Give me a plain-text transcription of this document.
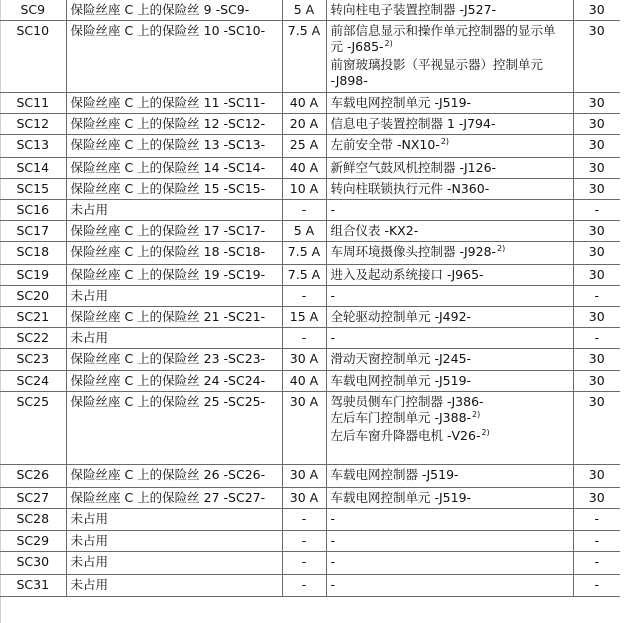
SC9	保险丝座 C 上的保险丝 9 -SC9-	5 A	转向柱电子装置控制器 -J527-	30	
SC10	保险丝座 C 上的保险丝 10 -SC10-	7.5 A	前部信息显示和操作单元控制器的显示单
元 -J685-$^{2)}$
前窗玻璃投影（平视显示器）控制单元
-J898-	30	
SC11	保险丝座 C 上的保险丝 11 -SC11-	40 A	车载电网控制单元 -J519-	30	
SC12	保险丝座 C 上的保险丝 12 -SC12-	20 A	信息电子装置控制器 1 -J794-	30	
SC13	保险丝座 C 上的保险丝 13 -SC13-	25 A	左前安全带 -NX10-$^{2)}$	30	
SC14	保险丝座 C 上的保险丝 14 -SC14-	40 A	新鲜空气鼓风机控制器 -J126-	30	
SC15	保险丝座 C 上的保险丝 15 -SC15-	10 A	转向柱联锁执行元件 -N360-	30	
SC16	未占用	-	-	-	
SC17	保险丝座 C 上的保险丝 17 -SC17-	5 A	组合仪表 -KX2-	30	
SC18	保险丝座 C 上的保险丝 18 -SC18-	7.5 A	车周环境摄像头控制器 -J928-$^{2)}$	30	
SC19	保险丝座 C 上的保险丝 19 -SC19-	7.5 A	进入及起动系统接口 -J965-	30	
SC20	未占用	-	-	-	
SC21	保险丝座 C 上的保险丝 21 -SC21-	15 A	全轮驱动控制单元 -J492-	30	
SC22	未占用	-	-	-	
SC23	保险丝座 C 上的保险丝 23 -SC23-	30 A	滑动天窗控制单元 -J245-	30	
SC24	保险丝座 C 上的保险丝 24 -SC24-	40 A	车载电网控制单元 -J519-	30	
SC25	保险丝座 C 上的保险丝 25 -SC25-	30 A	驾驶员侧车门控制器 -J386-
左后车门控制单元 -J388-$^{2)}$
左后车窗升降器电机 -V26-$^{2)}$	30	
SC26	保险丝座 C 上的保险丝 26 -SC26-	30 A	车载电网控制器 -J519-	30	
SC27	保险丝座 C 上的保险丝 27 -SC27-	30 A	车载电网控制单元 -J519-	30	
SC28	未占用	-	-	-	
SC29	未占用	-	-	-	
SC30	未占用	-	-	-	
SC31	未占用	-	-	-	
